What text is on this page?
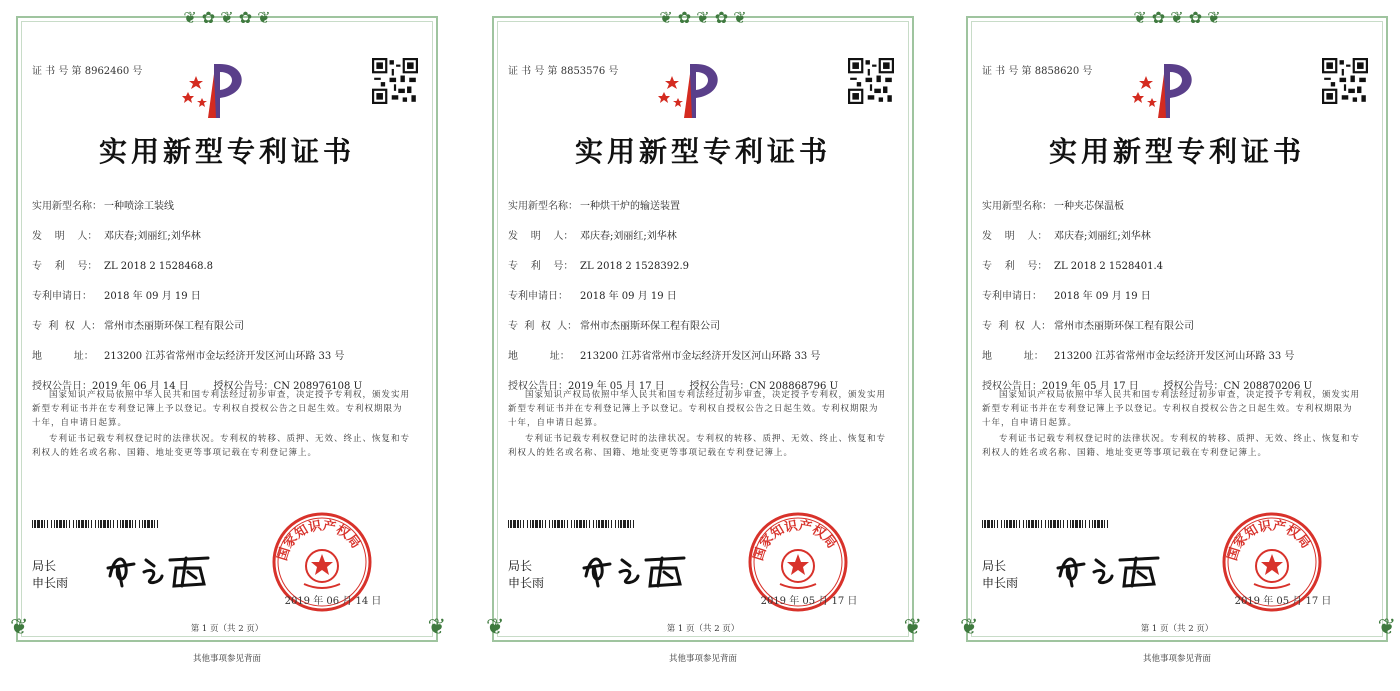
❦ ✿ ❦ ✿ ❦
❦	❦
证 书 号 第 8962460 号
实用新型专利证书
实用新型名称： 一种喷涂工装线
发    明    人： 邓庆春;刘丽红;刘华林
专    利    号： ZL 2018 2 1528468.8
专利申请日：	2018 年 09 月 19 日
专  利  权  人： 常州市杰丽斯环保工程有限公司
地          址：	213200 江苏省常州市金坛经济开发区河山环路 33 号
授权公告日：2019 年 06 月 14 日 授权公告号：CN 208976108 U

国家知识产权局依照中华人民共和国专利法经过初步审查，决定授予专利权，颁发实用新型专利证书并在专利登记簿上予以登记。专利权自授权公告之日起生效。专利权期限为十年，自申请日起算。

专利证书记载专利权登记时的法律状况。专利权的转移、质押、无效、终止、恢复和专利权人的姓名或名称、国籍、地址变更等事项记载在专利登记簿上。

局长
申长雨
国家知识产权局
2019 年 06 月 14 日
第 1 页（共 2 页）
其他事项参见背面
❦ ✿ ❦ ✿ ❦
❦	❦
证 书 号 第 8853576 号
实用新型专利证书
实用新型名称： 一种烘干炉的输送装置
发    明    人： 邓庆春;刘丽红;刘华林
专    利    号： ZL 2018 2 1528392.9
专利申请日：	2018 年 09 月 19 日
专  利  权  人： 常州市杰丽斯环保工程有限公司
地          址：	213200 江苏省常州市金坛经济开发区河山环路 33 号
授权公告日：2019 年 05 月 17 日 授权公告号：CN 208868796 U

国家知识产权局依照中华人民共和国专利法经过初步审查，决定授予专利权，颁发实用新型专利证书并在专利登记簿上予以登记。专利权自授权公告之日起生效。专利权期限为十年，自申请日起算。

专利证书记载专利权登记时的法律状况。专利权的转移、质押、无效、终止、恢复和专利权人的姓名或名称、国籍、地址变更等事项记载在专利登记簿上。

局长
申长雨
国家知识产权局
2019 年 05 月 17 日
第 1 页（共 2 页）
其他事项参见背面
❦ ✿ ❦ ✿ ❦
❦	❦
证 书 号 第 8858620 号
实用新型专利证书
实用新型名称： 一种夹芯保温板
发    明    人： 邓庆春;刘丽红;刘华林
专    利    号： ZL 2018 2 1528401.4
专利申请日：	2018 年 09 月 19 日
专  利  权  人： 常州市杰丽斯环保工程有限公司
地          址：	213200 江苏省常州市金坛经济开发区河山环路 33 号
授权公告日：2019 年 05 月 17 日 授权公告号：CN 208870206 U

国家知识产权局依照中华人民共和国专利法经过初步审查，决定授予专利权，颁发实用新型专利证书并在专利登记簿上予以登记。专利权自授权公告之日起生效。专利权期限为十年，自申请日起算。

专利证书记载专利权登记时的法律状况。专利权的转移、质押、无效、终止、恢复和专利权人的姓名或名称、国籍、地址变更等事项记载在专利登记簿上。

局长
申长雨
国家知识产权局
2019 年 05 月 17 日
第 1 页（共 2 页）
其他事项参见背面
